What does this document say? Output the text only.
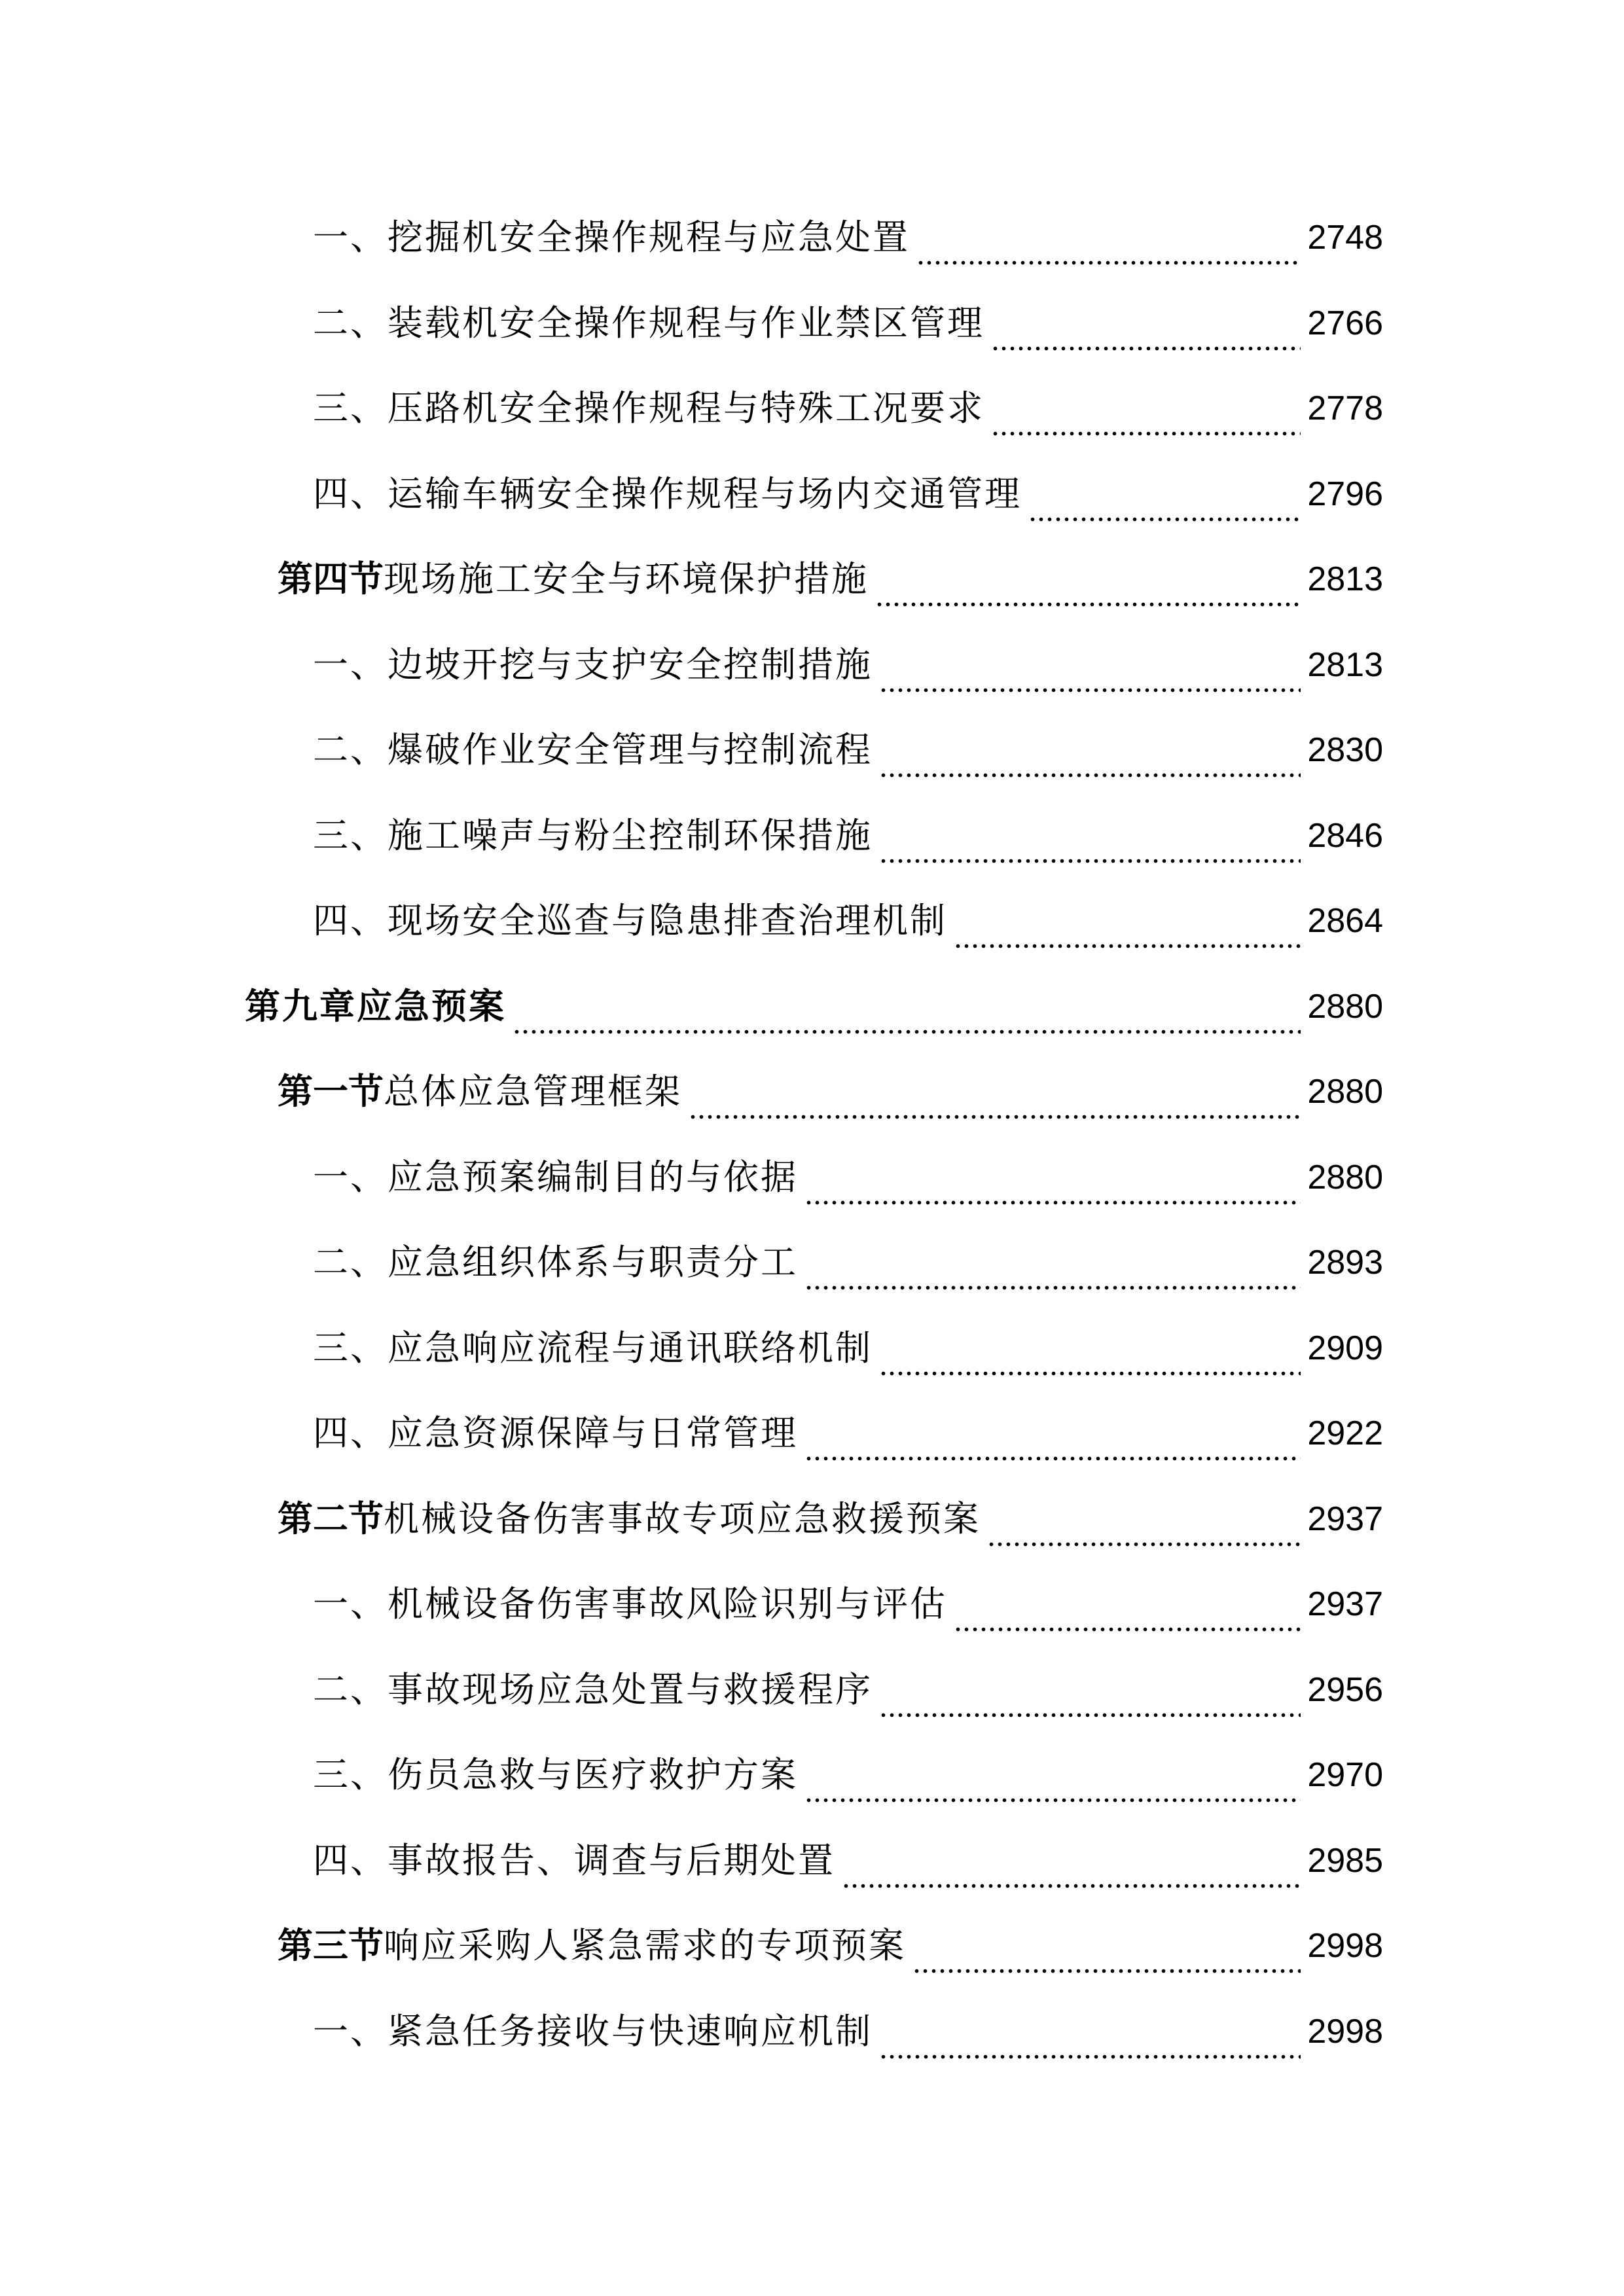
一、挖掘机安全操作规程与应急处置	2748
二、装载机安全操作规程与作业禁区管理	2766
三、压路机安全操作规程与特殊工况要求	2778
四、运输车辆安全操作规程与场内交通管理	2796
第四节 现场施工安全与环境保护措施	2813
一、边坡开挖与支护安全控制措施	2813
二、爆破作业安全管理与控制流程	2830
三、施工噪声与粉尘控制环保措施	2846
四、现场安全巡查与隐患排查治理机制	2864
第九章应急预案	2880
第一节 总体应急管理框架	2880
一、应急预案编制目的与依据	2880
二、应急组织体系与职责分工	2893
三、应急响应流程与通讯联络机制	2909
四、应急资源保障与日常管理	2922
第二节 机械设备伤害事故专项应急救援预案	2937
一、机械设备伤害事故风险识别与评估	2937
二、事故现场应急处置与救援程序	2956
三、伤员急救与医疗救护方案	2970
四、事故报告、调查与后期处置	2985
第三节 响应采购人紧急需求的专项预案	2998
一、紧急任务接收与快速响应机制	2998
